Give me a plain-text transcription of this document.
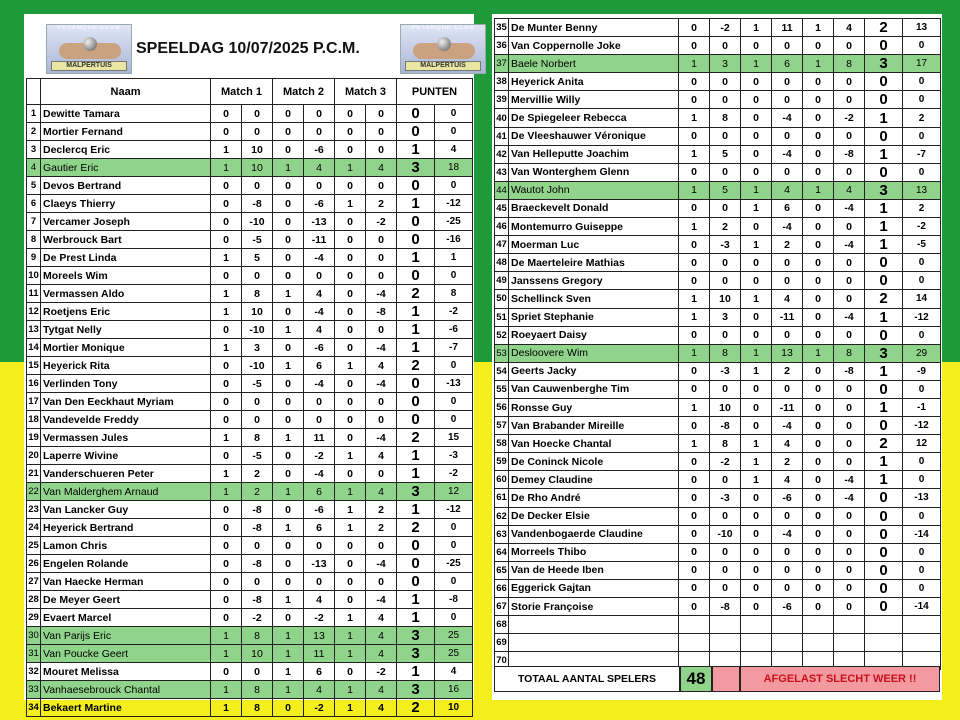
PETANQUE CLUB
MALPERTUIS
SPEELDAG 10/07/2025 P.C.M.
PETANQUE CLUB
MALPERTUIS
	Naam	Match 1		Match 2		Match 3		PUNTEN	
1	Dewitte Tamara	0	0	0	0	0	0	0	0
2	Mortier Fernand	0	0	0	0	0	0	0	0
3	Declercq Eric	1	10	0	-6	0	0	1	4
4	Gautier Eric	1	10	1	4	1	4	3	18
5	Devos Bertrand	0	0	0	0	0	0	0	0
6	Claeys Thierry	0	-8	0	-6	1	2	1	-12
7	Vercamer Joseph	0	-10	0	-13	0	-2	0	-25
8	Werbrouck Bart	0	-5	0	-11	0	0	0	-16
9	De Prest Linda	1	5	0	-4	0	0	1	1
10	Moreels Wim	0	0	0	0	0	0	0	0
11	Vermassen Aldo	1	8	1	4	0	-4	2	8
12	Roetjens Eric	1	10	0	-4	0	-8	1	-2
13	Tytgat Nelly	0	-10	1	4	0	0	1	-6
14	Mortier Monique	1	3	0	-6	0	-4	1	-7
15	Heyerick Rita	0	-10	1	6	1	4	2	0
16	Verlinden Tony	0	-5	0	-4	0	-4	0	-13
17	Van Den Eeckhaut Myriam	0	0	0	0	0	0	0	0
18	Vandevelde Freddy	0	0	0	0	0	0	0	0
19	Vermassen Jules	1	8	1	11	0	-4	2	15
20	Laperre Wivine	0	-5	0	-2	1	4	1	-3
21	Vanderschueren Peter	1	2	0	-4	0	0	1	-2
22	Van Malderghem Arnaud	1	2	1	6	1	4	3	12
23	Van Lancker Guy	0	-8	0	-6	1	2	1	-12
24	Heyerick Bertrand	0	-8	1	6	1	2	2	0
25	Lamon Chris	0	0	0	0	0	0	0	0
26	Engelen Rolande	0	-8	0	-13	0	-4	0	-25
27	Van Haecke Herman	0	0	0	0	0	0	0	0
28	De Meyer Geert	0	-8	1	4	0	-4	1	-8
29	Evaert Marcel	0	-2	0	-2	1	4	1	0
30	Van Parijs Eric	1	8	1	13	1	4	3	25
31	Van Poucke Geert	1	10	1	11	1	4	3	25
32	Mouret Melissa	0	0	1	6	0	-2	1	4
33	Vanhaesebrouck Chantal	1	8	1	4	1	4	3	16
34	Bekaert Martine	1	8	0	-2	1	4	2	10
35	De Munter Benny	0	-2	1	11	1	4	2	13
36	Van Coppernolle Joke	0	0	0	0	0	0	0	0
37	Baele Norbert	1	3	1	6	1	8	3	17
38	Heyerick Anita	0	0	0	0	0	0	0	0
39	Mervillie Willy	0	0	0	0	0	0	0	0
40	De Spiegeleer Rebecca	1	8	0	-4	0	-2	1	2
41	De Vleeshauwer Véronique	0	0	0	0	0	0	0	0
42	Van Helleputte Joachim	1	5	0	-4	0	-8	1	-7
43	Van Wonterghem Glenn	0	0	0	0	0	0	0	0
44	Wautot John	1	5	1	4	1	4	3	13
45	Braeckevelt Donald	0	0	1	6	0	-4	1	2
46	Montemurro Guiseppe	1	2	0	-4	0	0	1	-2
47	Moerman Luc	0	-3	1	2	0	-4	1	-5
48	De Maerteleire Mathias	0	0	0	0	0	0	0	0
49	Janssens Gregory	0	0	0	0	0	0	0	0
50	Schellinck Sven	1	10	1	4	0	0	2	14
51	Spriet Stephanie	1	3	0	-11	0	-4	1	-12
52	Roeyaert Daisy	0	0	0	0	0	0	0	0
53	Desloovere Wim	1	8	1	13	1	8	3	29
54	Geerts Jacky	0	-3	1	2	0	-8	1	-9
55	Van Cauwenberghe Tim	0	0	0	0	0	0	0	0
56	Ronsse Guy	1	10	0	-11	0	0	1	-1
57	Van Brabander Mireille	0	-8	0	-4	0	0	0	-12
58	Van Hoecke Chantal	1	8	1	4	0	0	2	12
59	De Coninck Nicole	0	-2	1	2	0	0	1	0
60	Demey Claudine	0	0	1	4	0	-4	1	0
61	De Rho André	0	-3	0	-6	0	-4	0	-13
62	De Decker Elsie	0	0	0	0	0	0	0	0
63	Vandenbogaerde Claudine	0	-10	0	-4	0	0	0	-14
64	Morreels Thibo	0	0	0	0	0	0	0	0
65	Van de Heede Iben	0	0	0	0	0	0	0	0
66	Eggerick Gajtan	0	0	0	0	0	0	0	0
67	Storie Françoise	0	-8	0	-6	0	0	0	-14
68									
69									
70									
TOTAAL AANTAL SPELERS	48	AFGELAST SLECHT WEER !!
